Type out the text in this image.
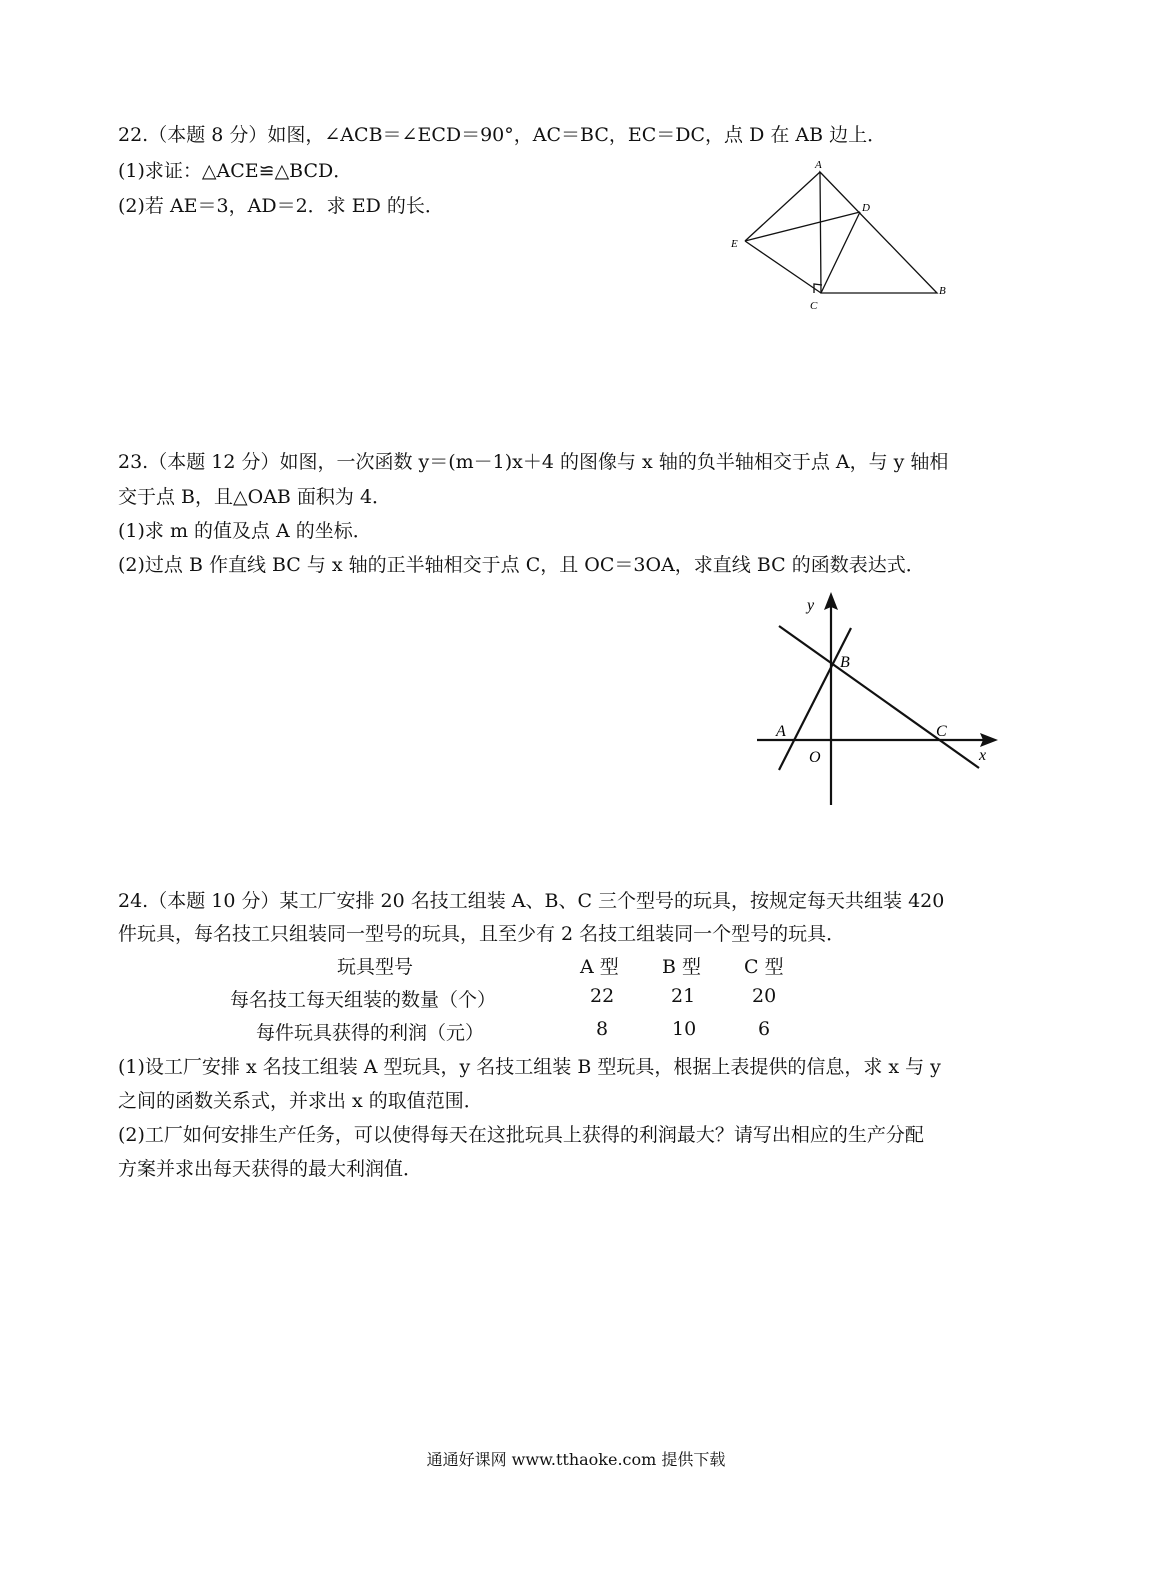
22.（本题 8 分）如图，∠ACB＝∠ECD＝90°，AC＝BC，EC＝DC，点 D 在 AB 边上．
(1)求证：△ACE≌△BCD．
(2)若 AE＝3，AD＝2．求 ED 的长．
A
D
E
C
B
23.（本题 12 分）如图，一次函数 y＝(m－1)x＋4 的图像与 x 轴的负半轴相交于点 A，与 y 轴相
交于点 B，且△OAB 面积为 4．
(1)求 m 的值及点 A 的坐标．
(2)过点 B 作直线 BC 与 x 轴的正半轴相交于点 C，且 OC＝3OA，求直线 BC 的函数表达式．
y
x
B
A	C
O
24.（本题 10 分）某工厂安排 20 名技工组装 A、B、C 三个型号的玩具，按规定每天共组装 420
件玩具，每名技工只组装同一型号的玩具，且至少有 2 名技工组装同一个型号的玩具．
玩具型号	A 型 B 型 C 型
每名技工每天组装的数量（个）	22	21	20
每件玩具获得的利润（元）	8	10	6
(1)设工厂安排 x 名技工组装 A 型玩具，y 名技工组装 B 型玩具，根据上表提供的信息，求 x 与 y
之间的函数关系式，并求出 x 的取值范围．
(2)工厂如何安排生产任务，可以使得每天在这批玩具上获得的利润最大？请写出相应的生产分配
方案并求出每天获得的最大利润值．
通通好课网 www.tthaoke.com 提供下载
